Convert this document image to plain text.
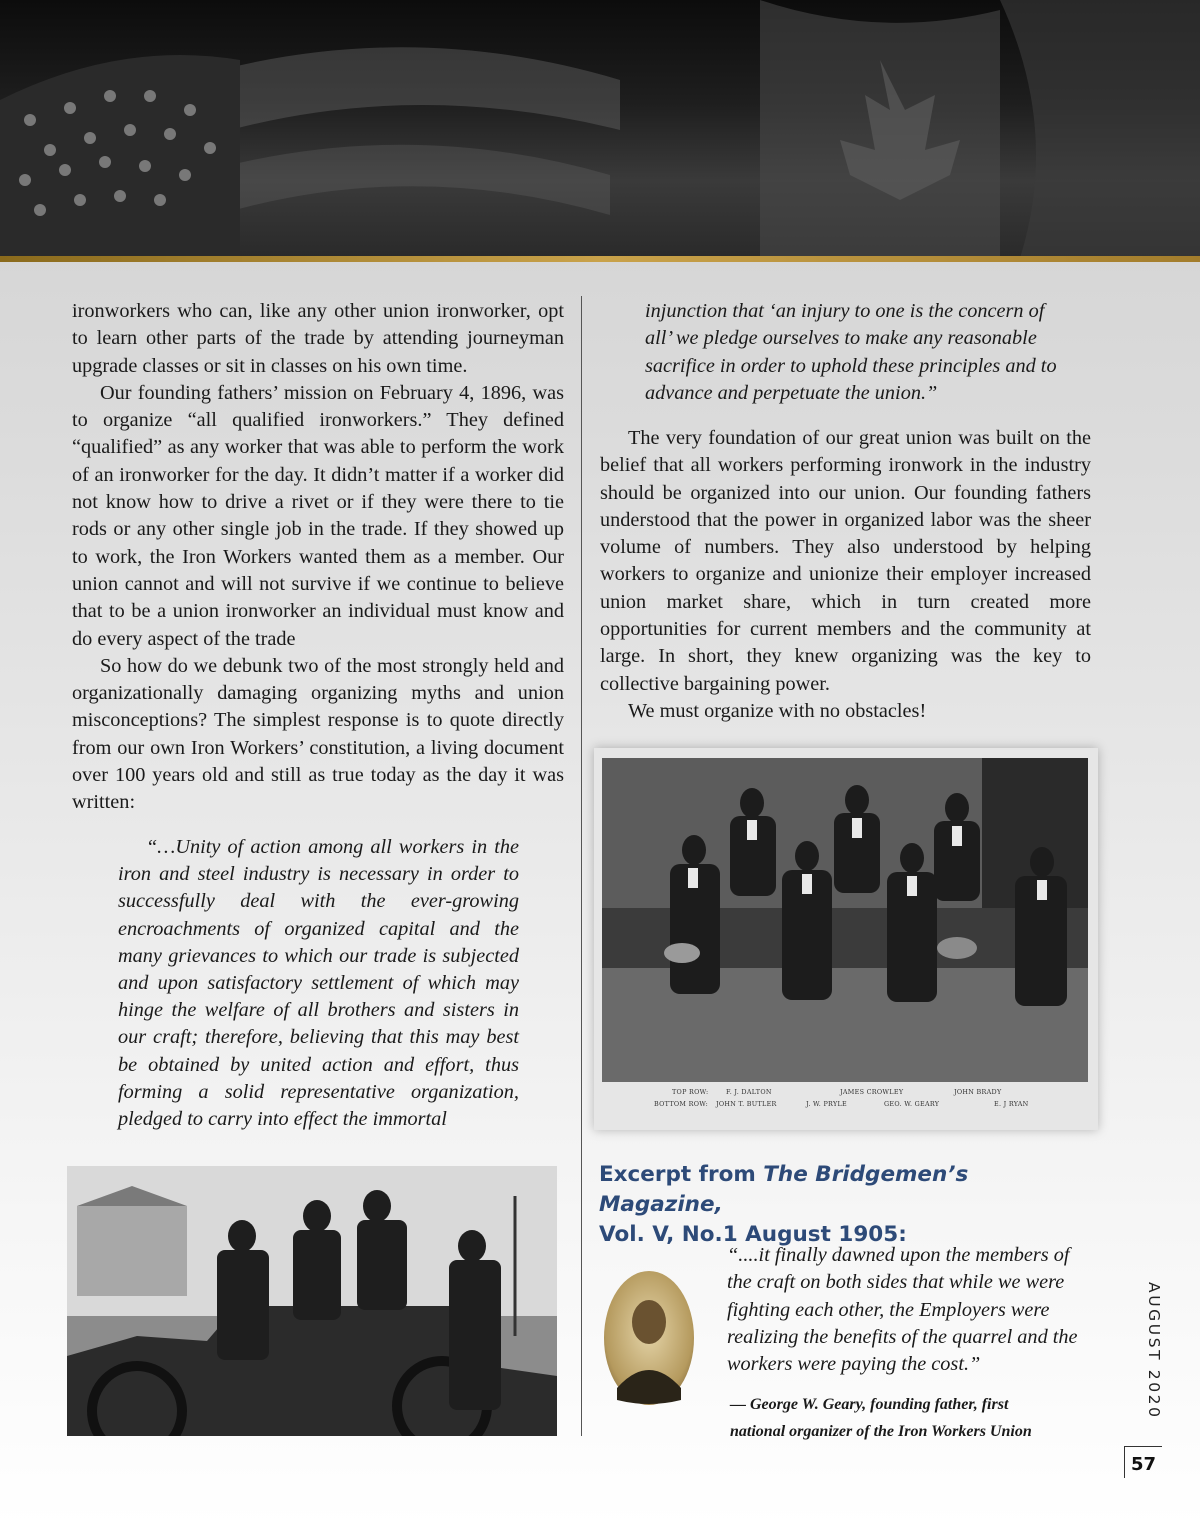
ironworkers who can, like any other union ironworker, opt to learn other parts of the trade by attending journeyman upgrade classes or sit in classes on his own time.

Our founding fathers’ mission on February 4, 1896, was to organize “all qualified ironworkers.” They defined “qualified” as any worker that was able to perform the work of an ironworker for the day. It didn’t matter if a worker did not know how to drive a rivet or if they were there to tie rods or any other single job in the trade. If they showed up to work, the Iron Workers wanted them as a member. Our union cannot and will not survive if we continue to believe that to be a union ironworker an individual must know and do every aspect of the trade

So how do we debunk two of the most strongly held and organizationally damaging organizing myths and union misconceptions? The simplest response is to quote directly from our own Iron Workers’ constitution, a living document over 100 years old and still as true today as the day it was written:

“…Unity of action among all workers in the iron and steel industry is necessary in order to successfully deal with the ever-growing encroachments of organized capital and the many grievances to which our trade is subjected and upon satisfactory settlement of which may hinge the welfare of all brothers and sisters in our craft; therefore, believing that this may best be obtained by united action and effort, thus forming a solid representative organization, pledged to carry into effect the immortal

injunction that ‘an injury to one is the concern of all’ we pledge ourselves to make any reasonable sacrifice in order to uphold these principles and to advance and perpetuate the union.”

The very foundation of our great union was built on the belief that all workers performing ironwork in the industry should be organized into our union. Our founding fathers understood that the power in organized labor was the sheer volume of numbers. They also understood by helping workers to organize and unionize their employer increased union market share, which in turn created more opportunities for current members and the community at large. In short, they knew organizing was the key to collective bargaining power.

We must organize with no obstacles!

TOP ROW:	F. J. DALTON	JAMES CROWLEY	JOHN BRADY
BOTTOM ROW: JOHN T. BUTLER	J. W. PRYLE	GEO. W. GEARY	E. J RYAN
Excerpt from The Bridgemen’s Magazine,
Vol. V, No.1 August 1905:

“....it finally dawned upon the members of the craft on both sides that while we were fighting each other, the Employers were realizing the benefits of the quarrel and the workers were paying the cost.”

— George W. Geary, founding father, first

national organizer of the Iron Workers Union

AUGUST 2020
57
